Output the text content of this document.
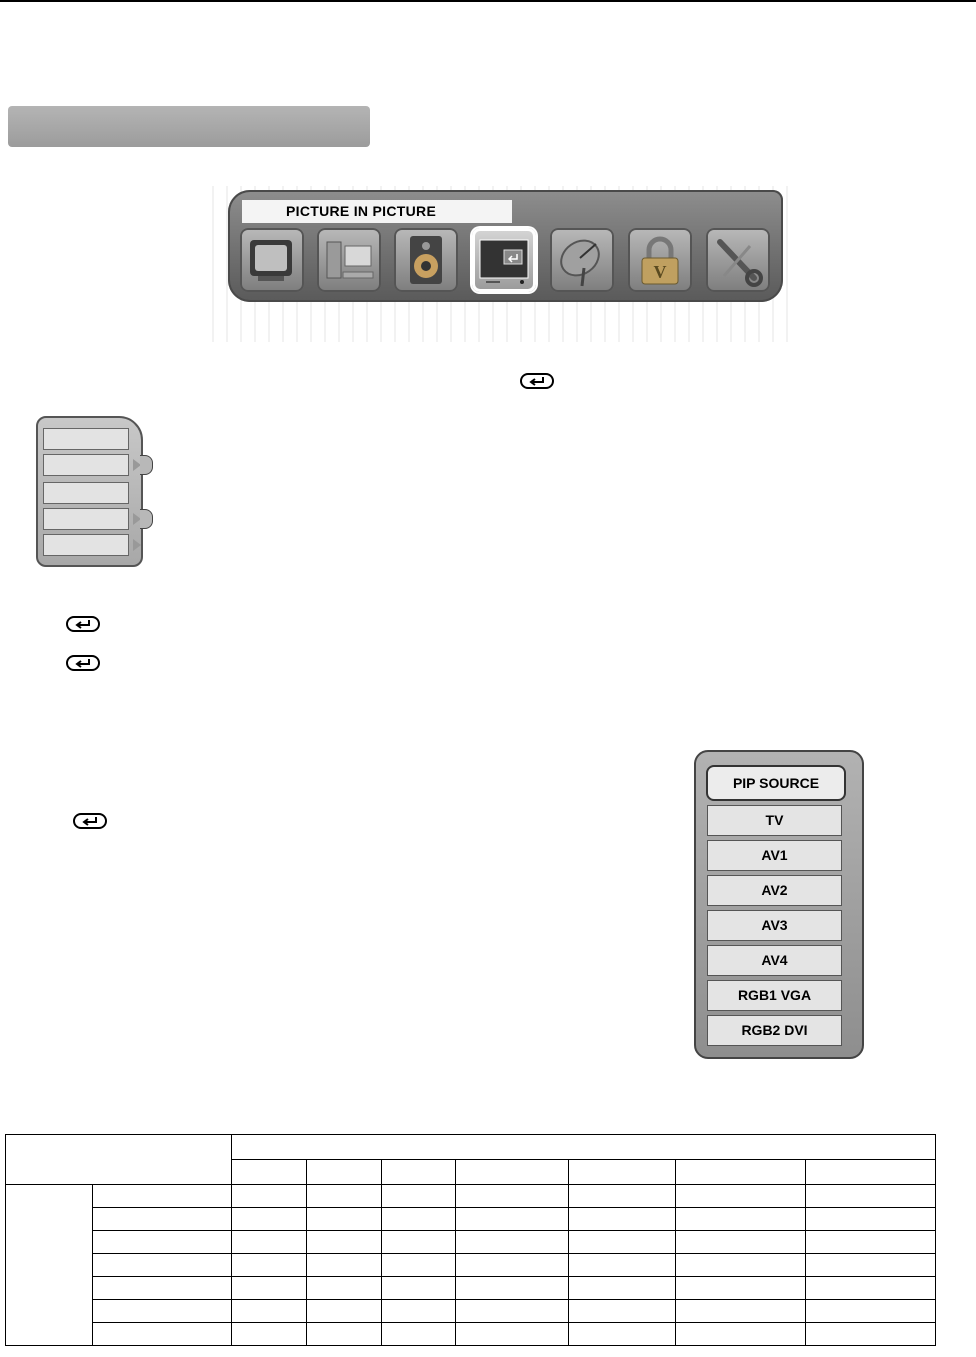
PICTURE IN PICTURE
V
PIP SOURCE
TV
AV1
AV2
AV3
AV4
RGB1 VGA
RGB2 DVI
